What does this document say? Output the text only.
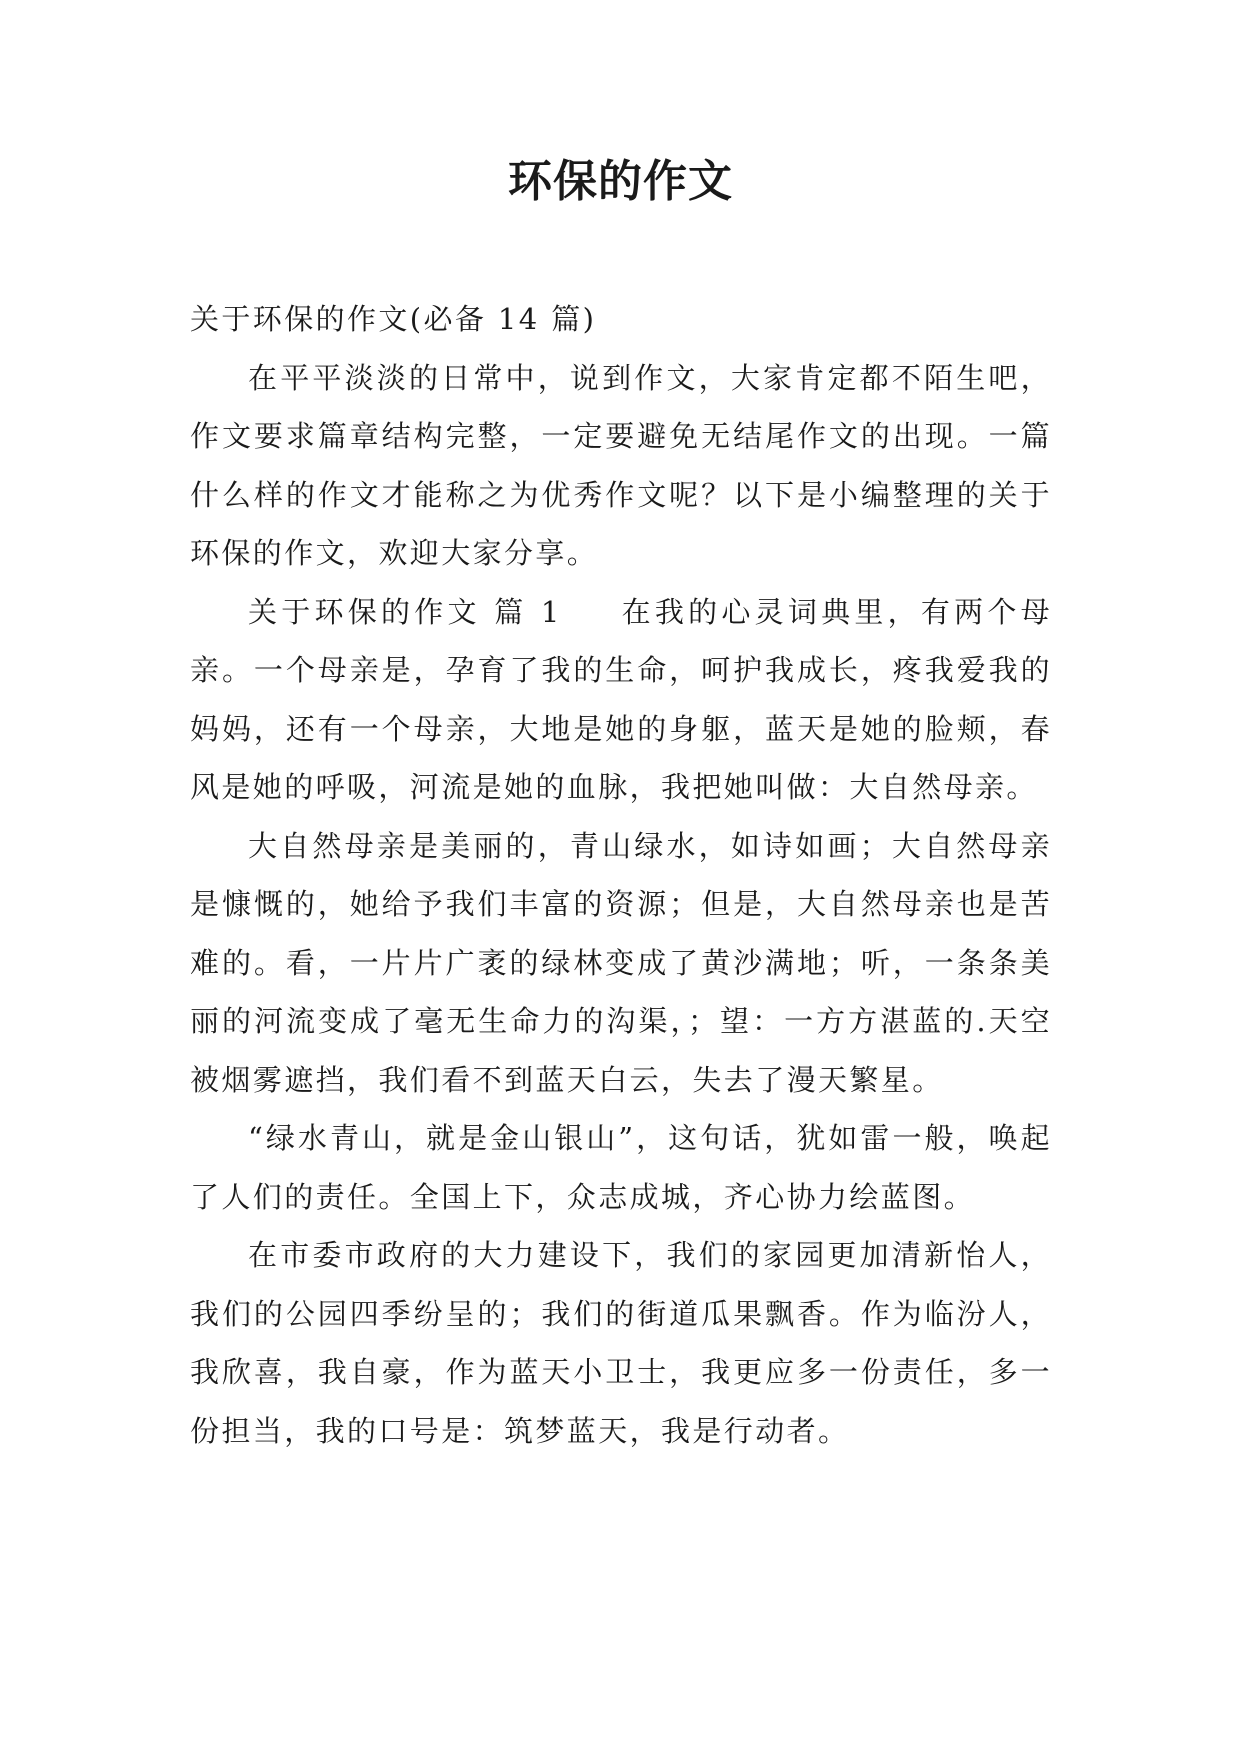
环保的作文

关于环保的作文(必备 14 篇)

在平平淡淡的日常中，说到作文，大家肯定都不陌生吧，作文要求篇章结构完整，一定要避免无结尾作文的出现。一篇什么样的作文才能称之为优秀作文呢？以下是小编整理的关于环保的作文，欢迎大家分享。

关于环保的作文 篇 1 在我的心灵词典里，有两个母亲。一个母亲是，孕育了我的生命，呵护我成长，疼我爱我的妈妈，还有一个母亲，大地是她的身躯，蓝天是她的脸颊，春风是她的呼吸，河流是她的血脉，我把她叫做：大自然母亲。

大自然母亲是美丽的，青山绿水，如诗如画；大自然母亲是慷慨的，她给予我们丰富的资源；但是，大自然母亲也是苦难的。看，一片片广袤的绿林变成了黄沙满地；听，一条条美丽的河流变成了毫无生命力的沟渠，；望：一方方湛蓝的.天空被烟雾遮挡，我们看不到蓝天白云，失去了漫天繁星。

“绿水青山，就是金山银山”，这句话，犹如雷一般，唤起了人们的责任。全国上下，众志成城，齐心协力绘蓝图。

在市委市政府的大力建设下，我们的家园更加清新怡人，我们的公园四季纷呈的；我们的街道瓜果飘香。作为临汾人，我欣喜，我自豪，作为蓝天小卫士，我更应多一份责任，多一份担当，我的口号是：筑梦蓝天，我是行动者。
